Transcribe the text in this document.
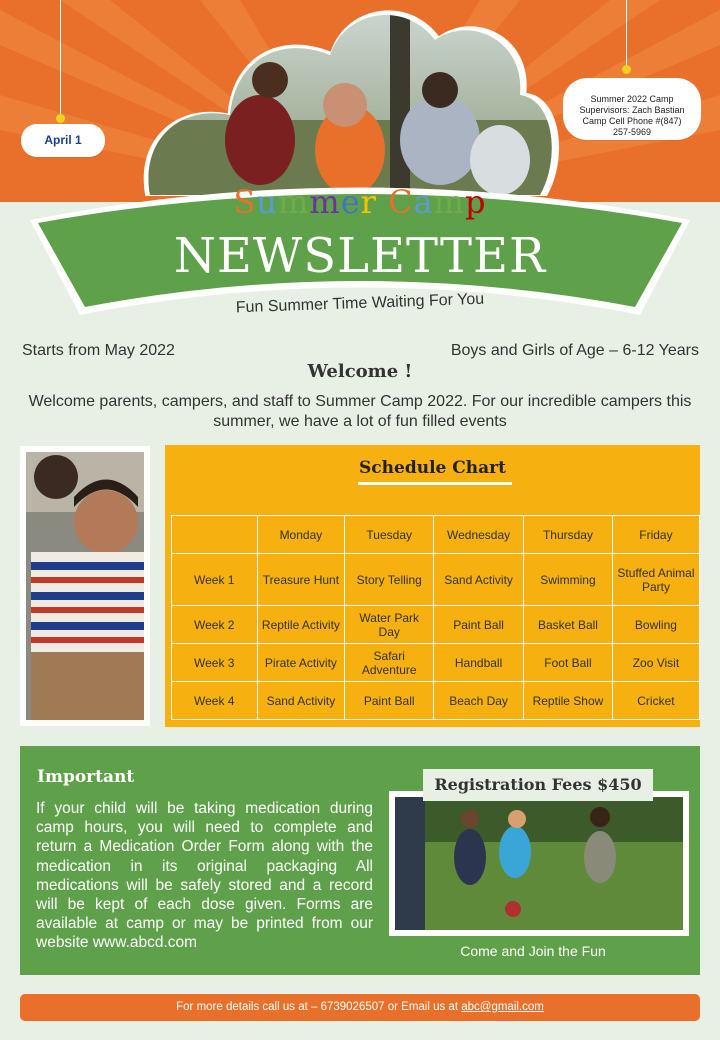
April 1
Summer 2022 Camp
Supervisors: Zach Bastian
Camp Cell Phone #(847)
257-5969
Summer Camp
NEWSLETTER
Fun Summer Time Waiting For You
Starts from May 2022	Boys and Girls of Age – 6-12 Years
Welcome !
Welcome parents, campers, and staff to Summer Camp 2022. For our incredible campers this summer, we have a lot of fun filled events
Schedule Chart
	Monday	Tuesday	Wednesday	Thursday	Friday
Week 1	Treasure Hunt	Story Telling	Sand Activity	Swimming	Stuffed Animal Party
Week 2	Reptile Activity	Water Park Day	Paint Ball	Basket Ball	Bowling
Week 3	Pirate Activity	Safari Adventure	Handball	Foot Ball	Zoo Visit
Week 4	Sand Activity	Paint Ball	Beach Day	Reptile Show	Cricket
Important
If your child will be taking medication during camp hours, you will need to complete and return a Medication Order Form along with the medication in its original packaging All medications will be safely stored and a record will be kept of each dose given. Forms are available at camp or may be printed from our website www.abcd.com
Registration Fees $450
Come and Join the Fun
For more details call us at – 6739026507 or Email us at abc@gmail.com
